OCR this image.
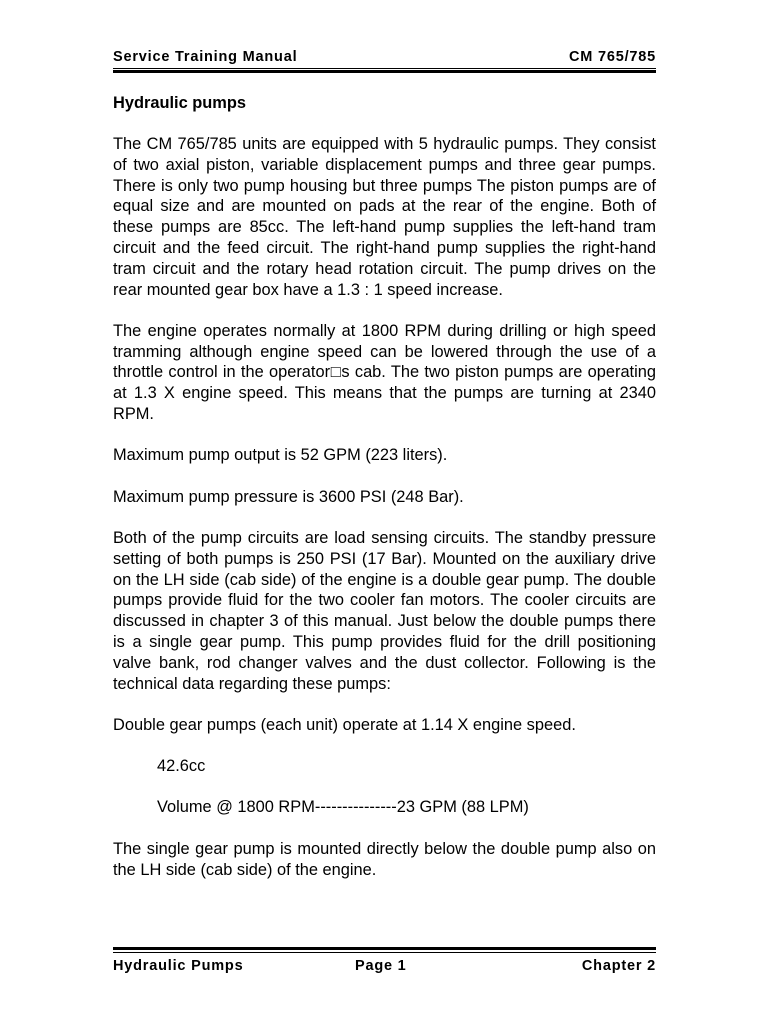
Service Training Manual	CM 765/785
Hydraulic pumps

The CM 765/785 units are equipped with 5 hydraulic pumps. They consist of two axial piston, variable displacement pumps and three gear pumps. There is only two pump housing but three pumps The piston pumps are of equal size and are mounted on pads at the rear of the engine. Both of these pumps are 85cc. The left-hand pump supplies the left-hand tram circuit and the feed circuit. The right-hand pump supplies the right-hand tram circuit and the rotary head rotation circuit. The pump drives on the rear mounted gear box have a 1.3 : 1 speed increase.

The engine operates normally at 1800 RPM during drilling or high speed tramming although engine speed can be lowered through the use of a throttle control in the operator□s cab. The two piston pumps are operating at 1.3 X engine speed. This means that the pumps are turning at 2340 RPM.

Maximum pump output is 52 GPM (223 liters).

Maximum pump pressure is 3600 PSI (248 Bar).

Both of the pump circuits are load sensing circuits. The standby pressure setting of both pumps is 250 PSI (17 Bar). Mounted on the auxiliary drive on the LH side (cab side) of the engine is a double gear pump. The double pumps provide fluid for the two cooler fan motors. The cooler circuits are discussed in chapter 3 of this manual. Just below the double pumps there is a single gear pump. This pump provides fluid for the drill positioning valve bank, rod changer valves and the dust collector. Following is the technical data regarding these pumps:

Double gear pumps (each unit) operate at 1.14 X engine speed.

42.6cc

Volume @ 1800 RPM---------------23 GPM (88 LPM)

The single gear pump is mounted directly below the double pump also on the LH side (cab side) of the engine.

Hydraulic Pumps	Page 1	Chapter 2
